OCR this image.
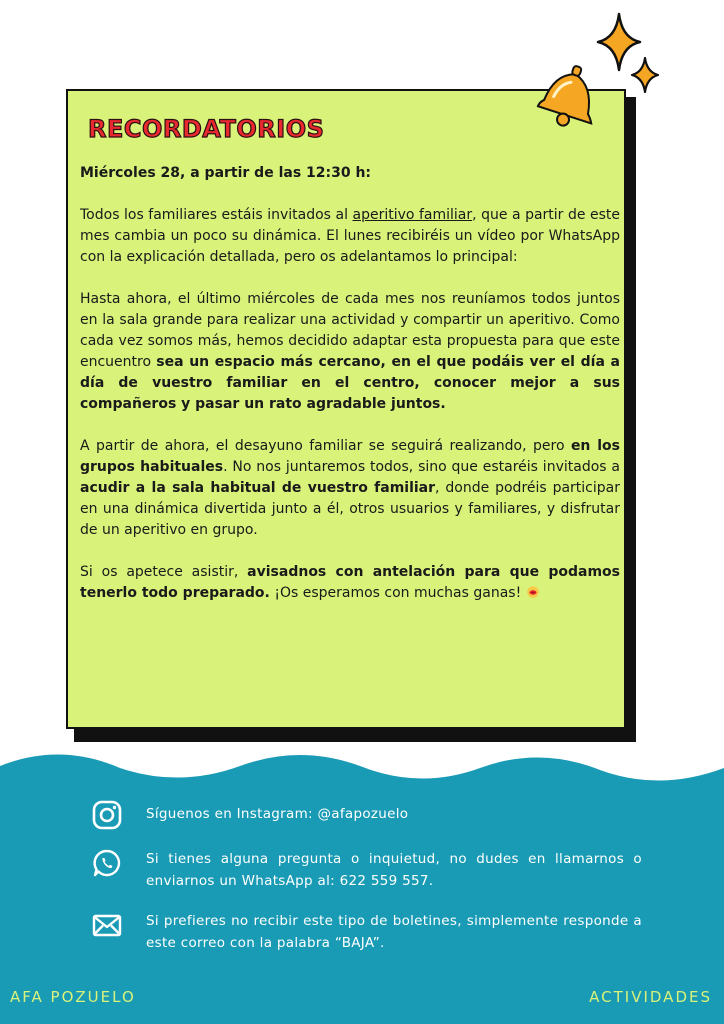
RECORDATORIOS

Miércoles 28, a partir de las 12:30 h:

Todos los familiares estáis invitados al aperitivo familiar, que a partir de este mes cambia un poco su dinámica. El lunes recibiréis un vídeo por WhatsApp con la explicación detallada, pero os adelantamos lo principal:

Hasta ahora, el último miércoles de cada mes nos reuníamos todos juntos en la sala grande para realizar una actividad y compartir un aperitivo. Como cada vez somos más, hemos decidido adaptar esta propuesta para que este encuentro sea un espacio más cercano, en el que podáis ver el día a día de vuestro familiar en el centro, conocer mejor a sus compañeros y pasar un rato agradable juntos.

A partir de ahora, el desayuno familiar se seguirá realizando, pero en los grupos habituales. No nos juntaremos todos, sino que estaréis invitados a acudir a la sala habitual de vuestro familiar, donde podréis participar en una dinámica divertida junto a él, otros usuarios y familiares, y disfrutar de un aperitivo en grupo.

Si os apetece asistir, avisadnos con antelación para que podamos tenerlo todo preparado. ¡Os esperamos con muchas ganas!

Síguenos en Instagram: @afapozuelo
Si tienes alguna pregunta o inquietud, no dudes en llamarnos o enviarnos un WhatsApp al: 622 559 557.
Si prefieres no recibir este tipo de boletines, simplemente responde a este correo con la palabra “BAJA”.
AFA POZUELO	ACTIVIDADES
